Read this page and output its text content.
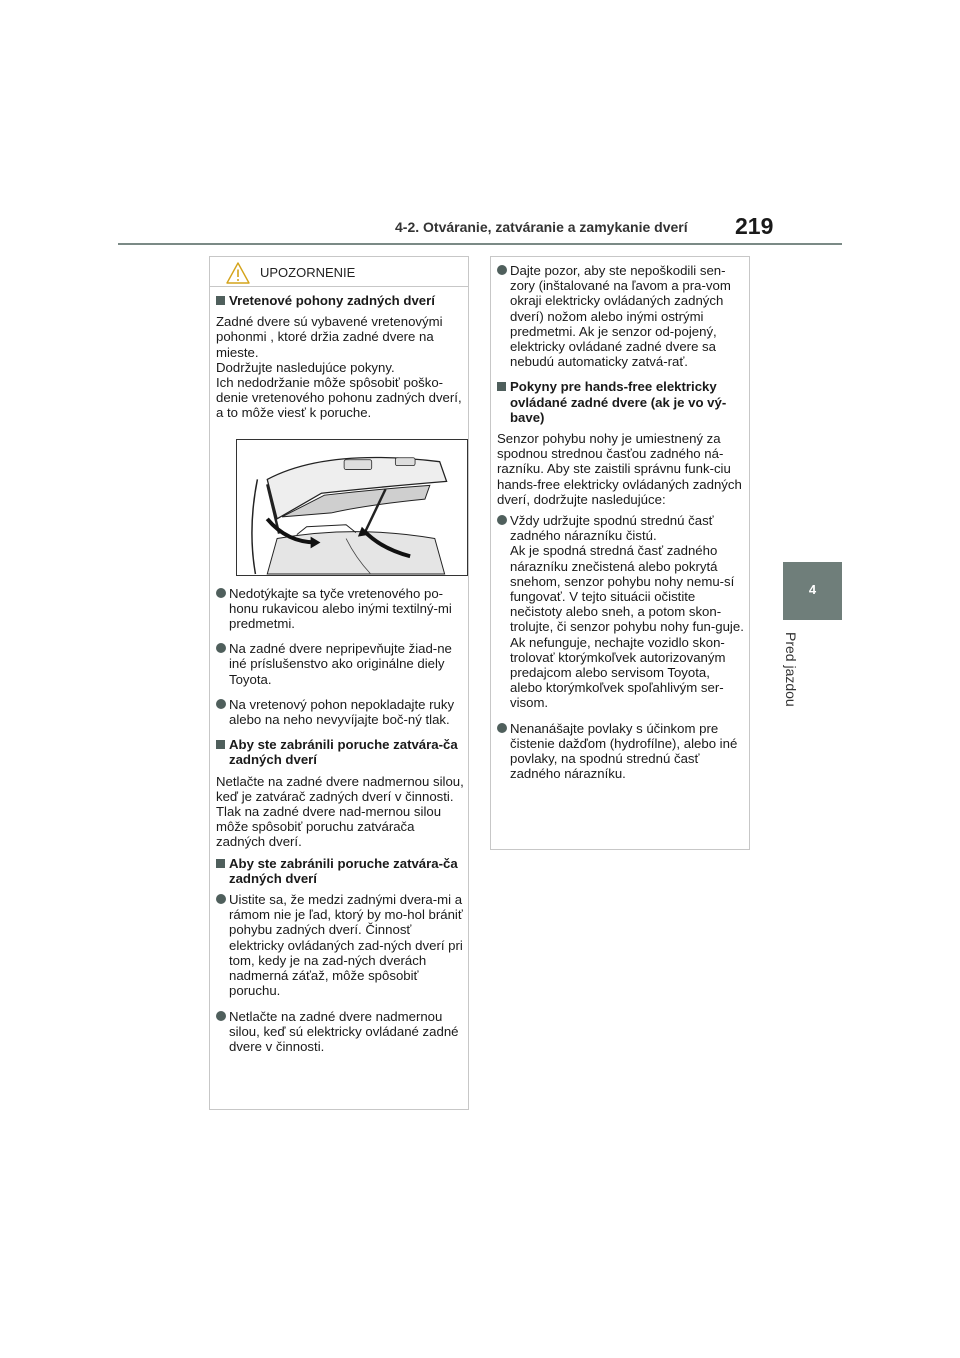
4-2. Otváranie, zatváranie a zamykanie dverí 219
4
Pred jazdou
UPOZORNENIE
Vretenové pohony zadných dverí
Zadné dvere sú vybavené vretenovými pohonmi , ktoré držia zadné dvere na mieste.
Dodržujte nasledujúce pokyny.
Ich nedodržanie môže spôsobiť poško-denie vretenového pohonu zadných dverí, a to môže viesť k poruche.
Nedotýkajte sa tyče vretenového po-honu rukavicou alebo inými textilný-mi predmetmi.
Na zadné dvere nepripevňujte žiad-ne iné príslušenstvo ako originálne diely Toyota.
Na vretenový pohon nepokladajte ruky alebo na neho nevyvíjajte boč-ný tlak.
Aby ste zabránili poruche zatvára-ča zadných dverí
Netlačte na zadné dvere nadmernou silou, keď je zatvárač zadných dverí v činnosti. Tlak na zadné dvere nad-mernou silou môže spôsobiť poruchu zatvárača zadných dverí.
Aby ste zabránili poruche zatvára-ča zadných dverí
Uistite sa, že medzi zadnými dvera-mi a rámom nie je ľad, ktorý by mo-hol brániť pohybu zadných dverí. Činnosť elektricky ovládaných zad-ných dverí pri tom, kedy je na zad-ných dverách nadmerná záťaž, môže spôsobiť poruchu.
Netlačte na zadné dvere nadmernou silou, keď sú elektricky ovládané zadné dvere v činnosti.
Dajte pozor, aby ste nepoškodili sen-zory (inštalované na ľavom a pra-vom okraji elektricky ovládaných zadných dverí) nožom alebo inými ostrými predmetmi. Ak je senzor od-pojený, elektricky ovládané zadné dvere sa nebudú automaticky zatvá-rať.
Pokyny pre hands-free elektricky ovládané zadné dvere (ak je vo vý-bave)
Senzor pohybu nohy je umiestnený za spodnou strednou časťou zadného ná-razníku. Aby ste zaistili správnu funk-ciu hands-free elektricky ovládaných zadných dverí, dodržujte nasledujúce:
Vždy udržujte spodnú strednú časť zadného nárazníku čistú.
Ak je spodná stredná časť zadného nárazníku znečistená alebo pokrytá snehom, senzor pohybu nohy nemu-sí fungovať. V tejto situácii očistite nečistoty alebo sneh, a potom skon-trolujte, či senzor pohybu nohy fun-guje.
Ak nefunguje, nechajte vozidlo skon-trolovať ktorýmkoľvek autorizovaným predajcom alebo servisom Toyota, alebo ktorýmkoľvek spoľahlivým ser-visom.
Nenanášajte povlaky s účinkom pre čistenie dažďom (hydrofílne), alebo iné povlaky, na spodnú strednú časť zadného nárazníku.
